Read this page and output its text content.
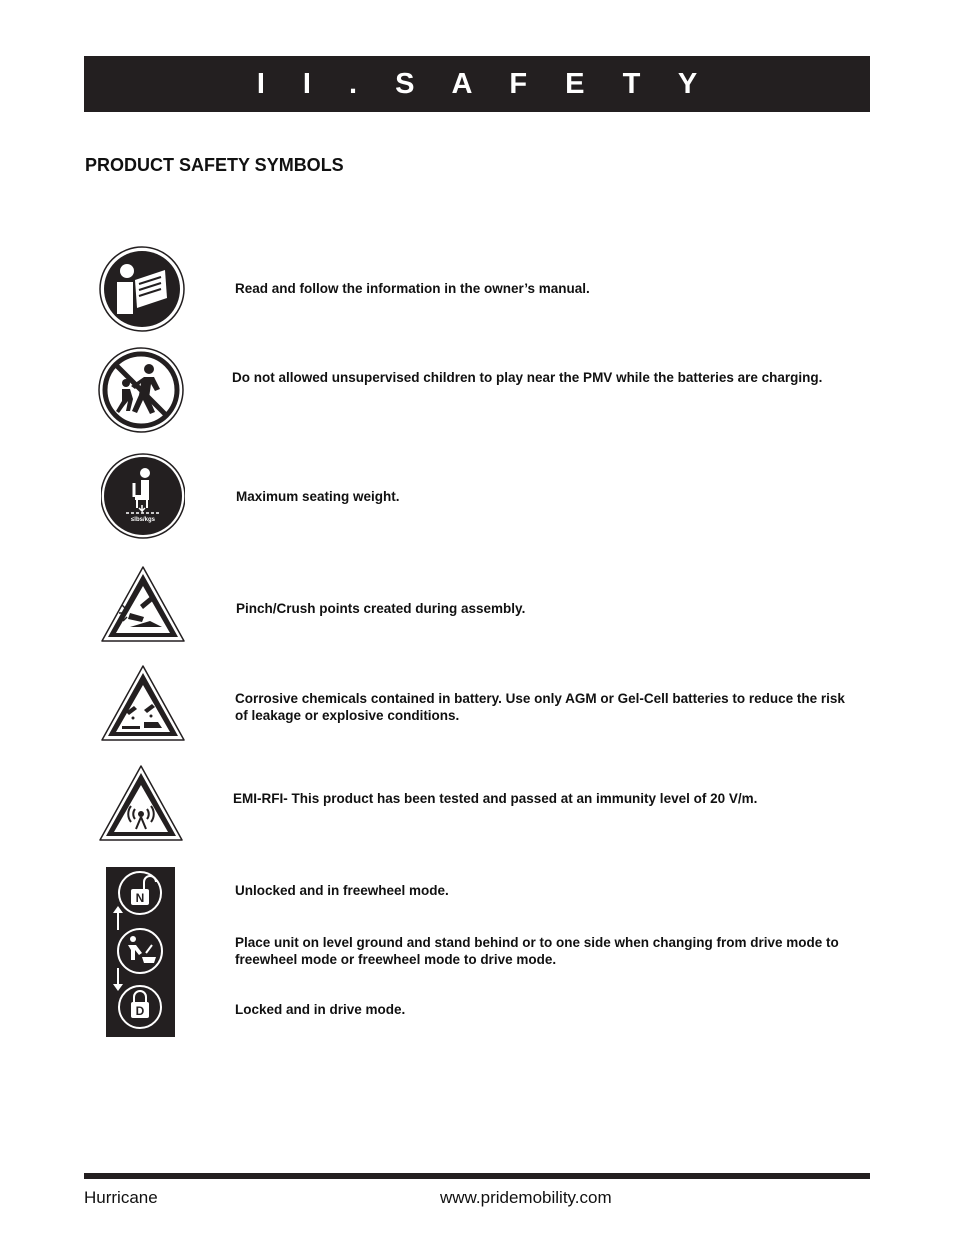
I I . S A F E T Y
PRODUCT SAFETY SYMBOLS
Read and follow the information in the owner’s manual.
Do not allowed unsupervised children to play near the PMV while the batteries are charging.
≤lbs/kgs
Maximum seating weight.
Pinch/Crush points created during assembly.
Corrosive chemicals contained in battery. Use only AGM or Gel-Cell batteries to reduce the risk of leakage or explosive conditions.
EMI-RFI- This product has been tested and passed at an immunity level of 20 V/m.
N
D
Unlocked and in freewheel mode.
Place unit on level ground and stand behind or to one side when changing from drive mode to freewheel mode or freewheel mode to drive mode.
Locked and in drive mode.
Hurricane	www.pridemobility.com
